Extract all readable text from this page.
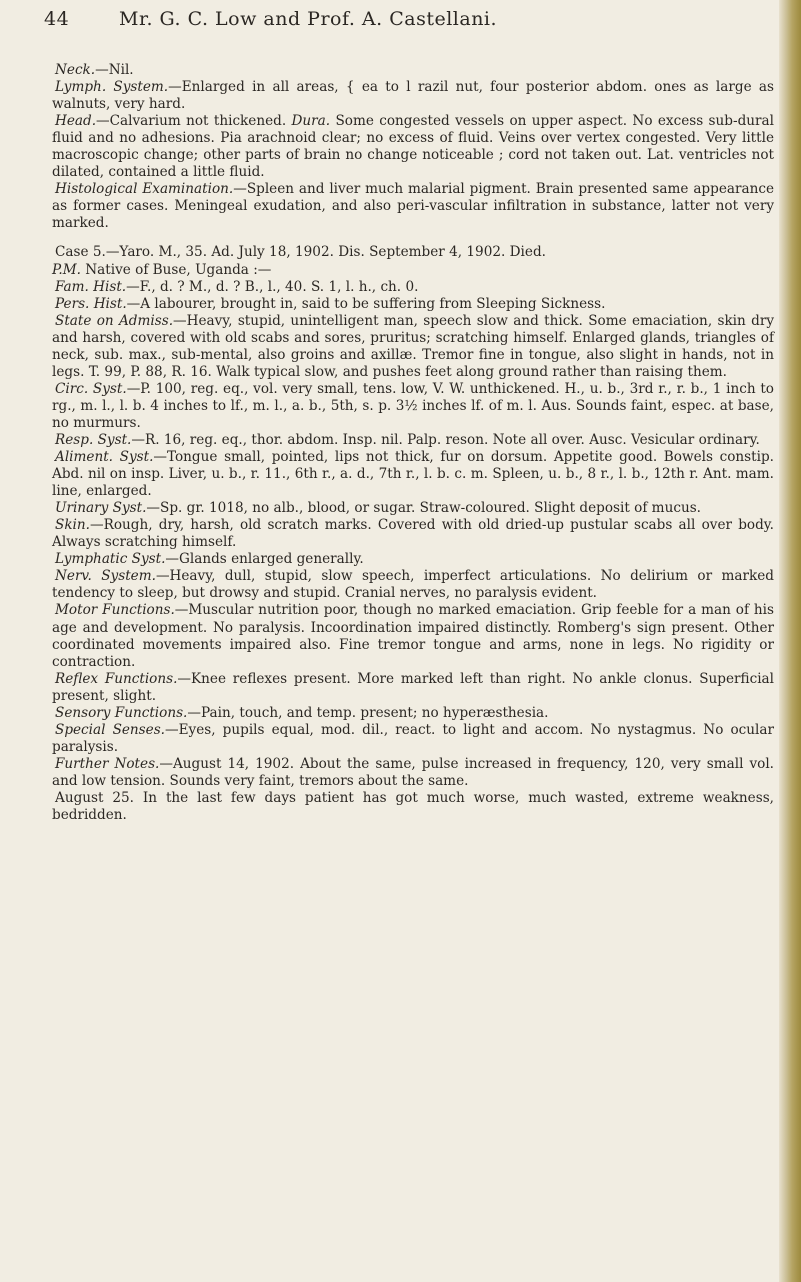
44	Mr. G. C. Low and Prof. A. Castellani.

Neck.—Nil.

Lymph. System.—Enlarged in all areas, { ea to l razil nut, four posterior abdom. ones as large as walnuts, very hard.

Head.—Calvarium not thickened. Dura. Some congested vessels on upper aspect. No excess sub-dural fluid and no adhesions. Pia arachnoid clear; no excess of fluid. Veins over vertex congested. Very little macroscopic change; other parts of brain no change noticeable ; cord not taken out. Lat. ventricles not dilated, contained a little fluid.

Histological Examination.—Spleen and liver much malarial pigment. Brain presented same appearance as former cases. Meningeal exudation, and also peri-vascular infiltration in substance, latter not very marked.

Case 5.—Yaro. M., 35. Ad. July 18, 1902. Dis. September 4, 1902. Died.
P.M. Native of Buse, Uganda :—

Fam. Hist.—F., d. ? M., d. ? B., l., 40. S. 1, l. h., ch. 0.

Pers. Hist.—A labourer, brought in, said to be suffering from Sleeping Sickness.

State on Admiss.—Heavy, stupid, unintelligent man, speech slow and thick. Some emaciation, skin dry and harsh, covered with old scabs and sores, pruritus; scratching himself. Enlarged glands, triangles of neck, sub. max., sub-mental, also groins and axillæ. Tremor fine in tongue, also slight in hands, not in legs. T. 99, P. 88, R. 16. Walk typical slow, and pushes feet along ground rather than raising them.

Circ. Syst.—P. 100, reg. eq., vol. very small, tens. low, V. W. unthickened. H., u. b., 3rd r., r. b., 1 inch to rg., m. l., l. b. 4 inches to lf., m. l., a. b., 5th, s. p. 3½ inches lf. of m. l. Aus. Sounds faint, espec. at base, no murmurs.

Resp. Syst.—R. 16, reg. eq., thor. abdom. Insp. nil. Palp. reson. Note all over. Ausc. Vesicular ordinary.

Aliment. Syst.—Tongue small, pointed, lips not thick, fur on dorsum. Appetite good. Bowels constip. Abd. nil on insp. Liver, u. b., r. 11., 6th r., a. d., 7th r., l. b. c. m. Spleen, u. b., 8 r., l. b., 12th r. Ant. mam. line, enlarged.

Urinary Syst.—Sp. gr. 1018, no alb., blood, or sugar. Straw-coloured. Slight deposit of mucus.

Skin.—Rough, dry, harsh, old scratch marks. Covered with old dried-up pustular scabs all over body. Always scratching himself.

Lymphatic Syst.—Glands enlarged generally.

Nerv. System.—Heavy, dull, stupid, slow speech, imperfect articulations. No delirium or marked tendency to sleep, but drowsy and stupid. Cranial nerves, no paralysis evident.

Motor Functions.—Muscular nutrition poor, though no marked emaciation. Grip feeble for a man of his age and development. No paralysis. Incoordination impaired distinctly. Romberg's sign present. Other coordinated movements impaired also. Fine tremor tongue and arms, none in legs. No rigidity or contraction.

Reflex Functions.—Knee reflexes present. More marked left than right. No ankle clonus. Superficial present, slight.

Sensory Functions.—Pain, touch, and temp. present; no hyperæsthesia.

Special Senses.—Eyes, pupils equal, mod. dil., react. to light and accom. No nystagmus. No ocular paralysis.

Further Notes.—August 14, 1902. About the same, pulse increased in frequency, 120, very small vol. and low tension. Sounds very faint, tremors about the same.

August 25. In the last few days patient has got much worse, much wasted, extreme weakness, bedridden.
